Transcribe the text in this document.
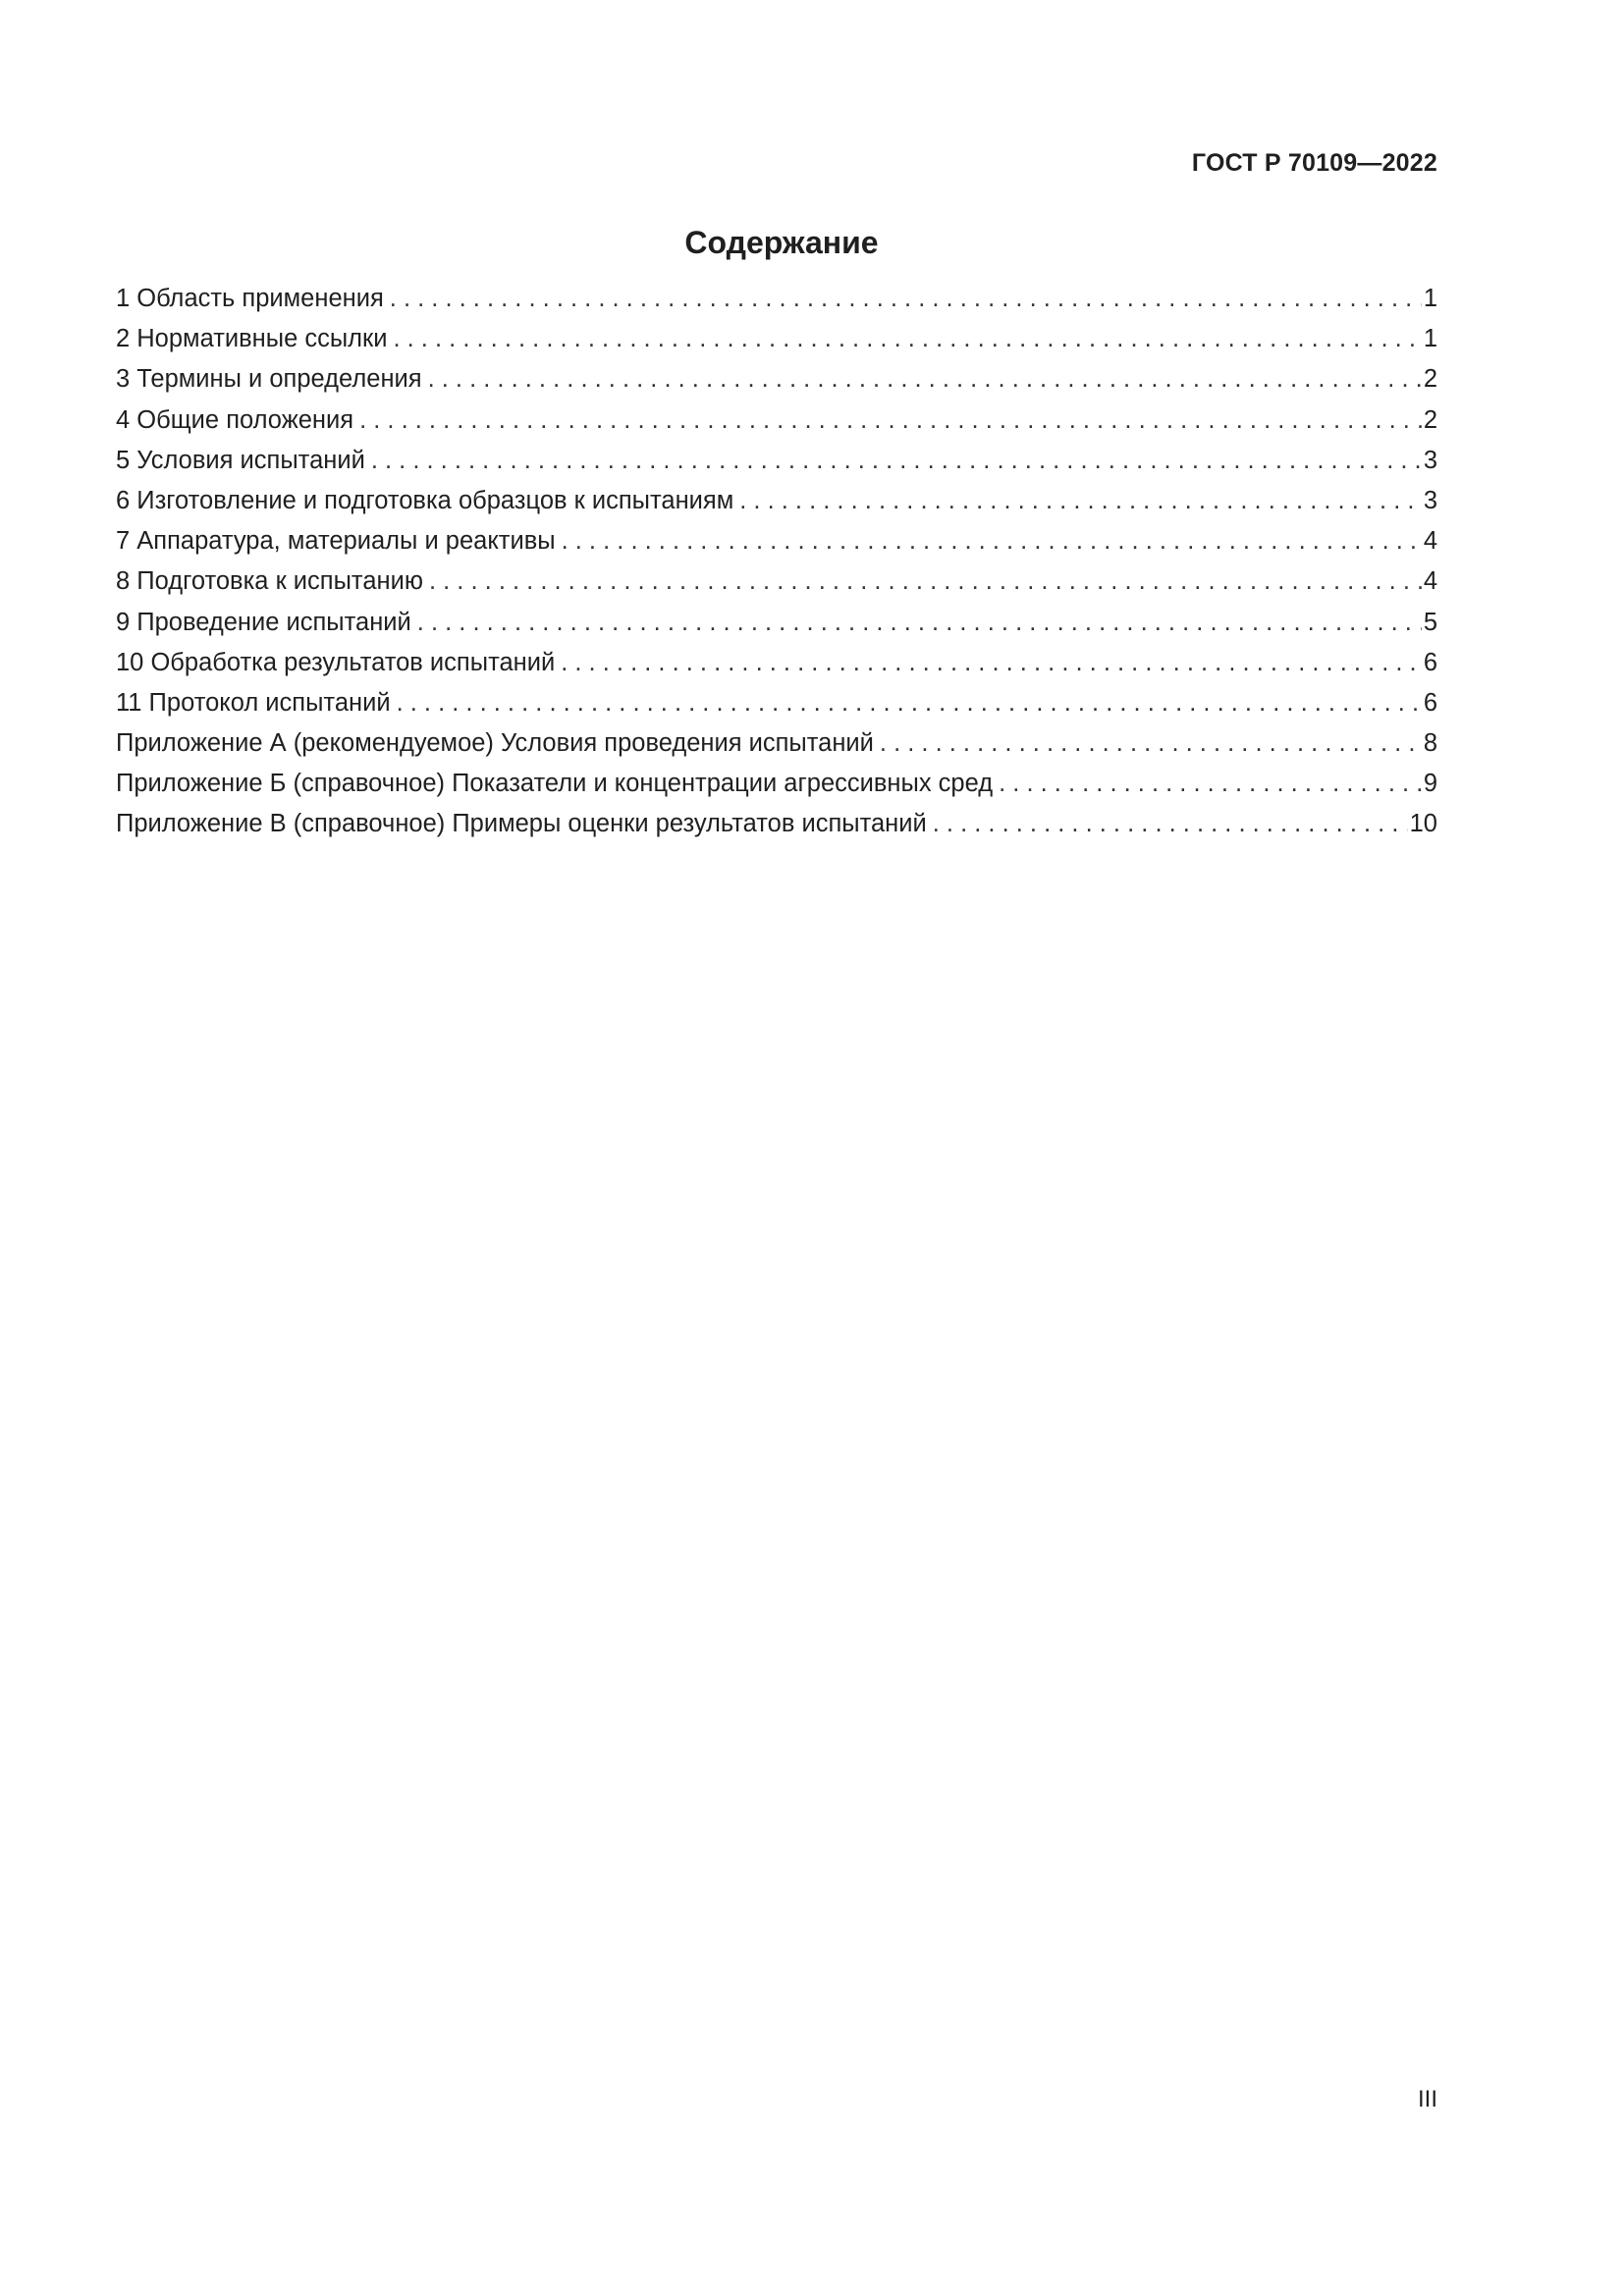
ГОСТ Р 70109—2022
Содержание
1 Область применения . . .	1
2 Нормативные ссылки . . .	1
3 Термины и определения . . .	2
4 Общие положения . . .	2
5 Условия испытаний . . .	3
6 Изготовление и подготовка образцов к испытаниям . . .	3
7 Аппаратура, материалы и реактивы . . .	4
8 Подготовка к испытанию . . .	4
9 Проведение испытаний . . .	5
10 Обработка результатов испытаний . . .	6
11 Протокол испытаний . . .	6
Приложение А (рекомендуемое) Условия проведения испытаний . . .	8
Приложение Б (справочное) Показатели и концентрации агрессивных сред . . .	9
Приложение В (справочное) Примеры оценки результатов испытаний . . .	10
III
